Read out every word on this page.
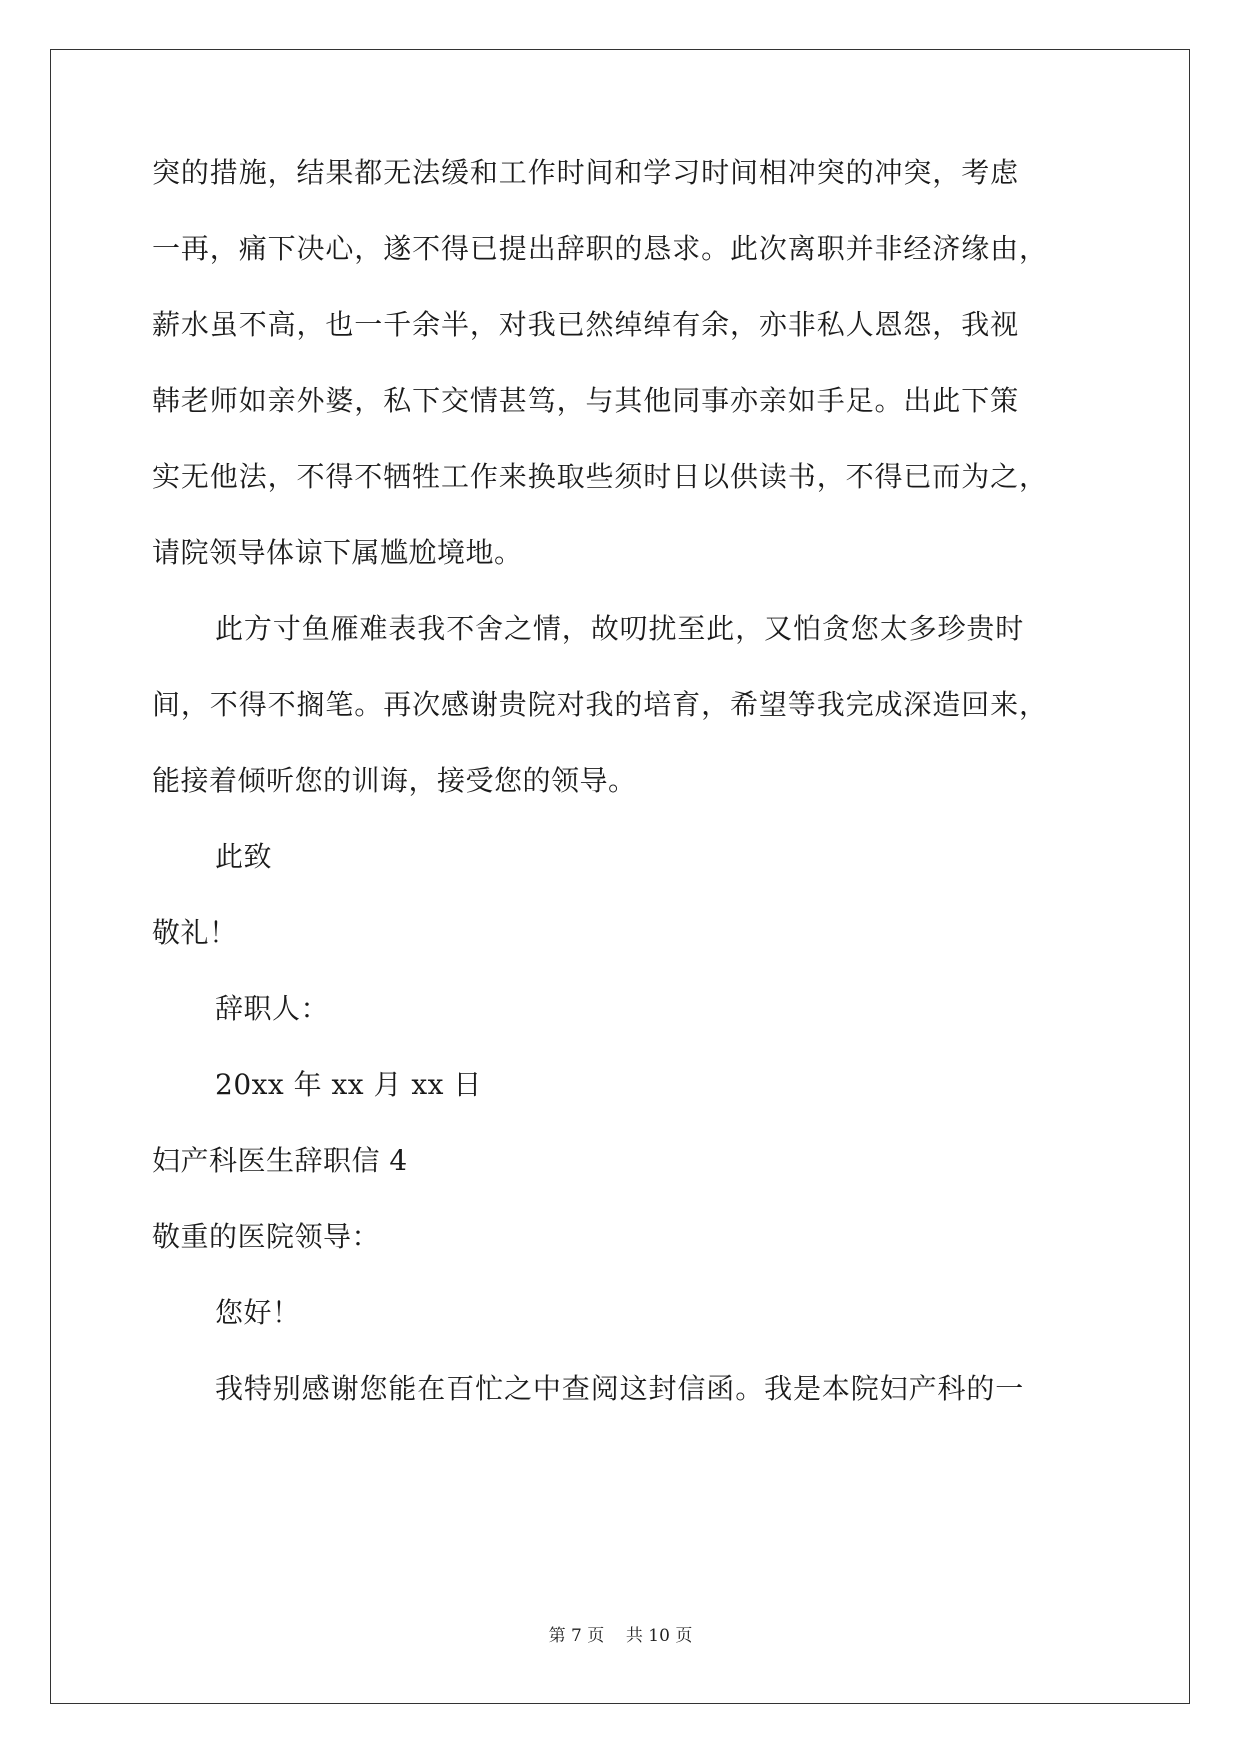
突的措施，结果都无法缓和工作时间和学习时间相冲突的冲突，考虑

一再，痛下决心，遂不得已提出辞职的恳求。此次离职并非经济缘由，

薪水虽不高，也一千余半，对我已然绰绰有余，亦非私人恩怨，我视

韩老师如亲外婆，私下交情甚笃，与其他同事亦亲如手足。出此下策

实无他法，不得不牺牲工作来换取些须时日以供读书，不得已而为之，

请院领导体谅下属尴尬境地。

此方寸鱼雁难表我不舍之情，故叨扰至此，又怕贪您太多珍贵时

间，不得不搁笔。再次感谢贵院对我的培育，希望等我完成深造回来，

能接着倾听您的训诲，接受您的领导。

此致

敬礼！

辞职人：

20xx 年 xx 月 xx 日

妇产科医生辞职信 4

敬重的医院领导：

您好！

我特别感谢您能在百忙之中查阅这封信函。我是本院妇产科的一

第 7 页 共 10 页
